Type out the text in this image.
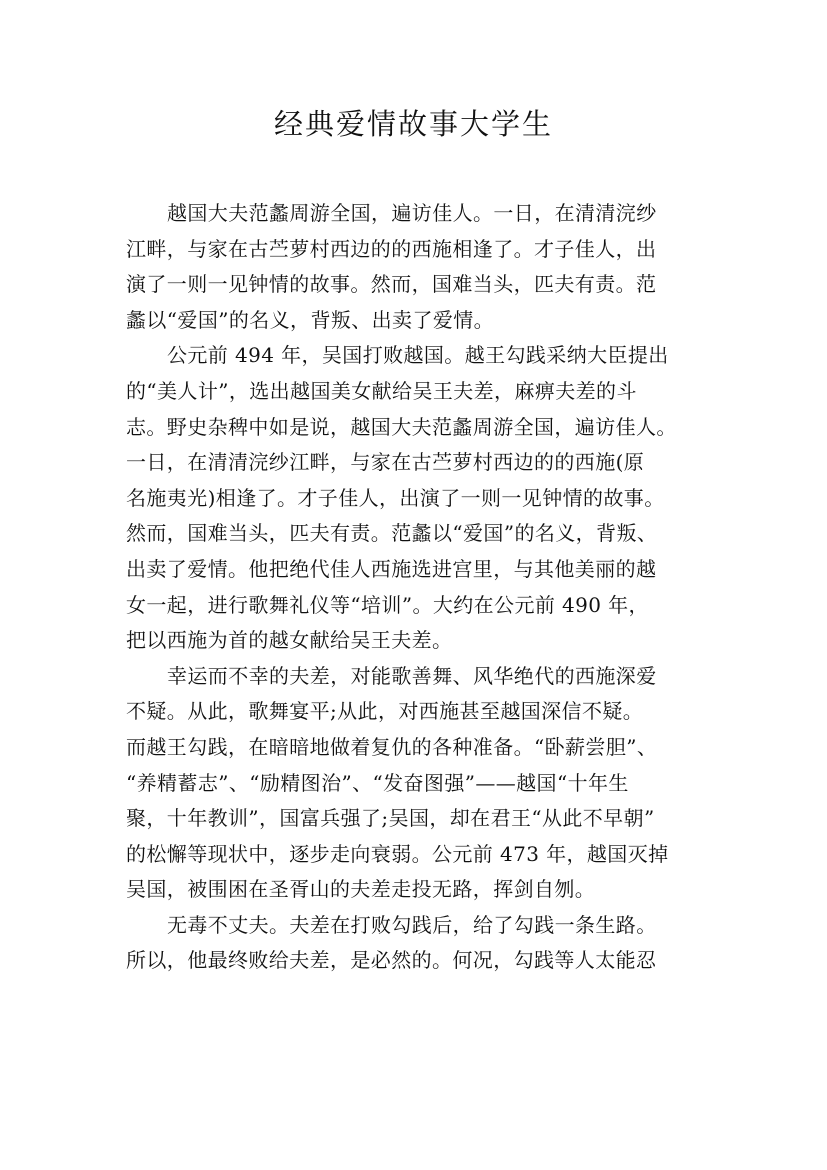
经典爱情故事大学生
越国大夫范蠡周游全国，遍访佳人。一日，在清清浣纱
江畔，与家在古苎萝村西边的的西施相逢了。才子佳人，出
演了一则一见钟情的故事。然而，国难当头，匹夫有责。范
蠡以“爱国”的名义，背叛、出卖了爱情。
公元前 494 年，吴国打败越国。越王勾践采纳大臣提出
的“美人计”，选出越国美女献给吴王夫差，麻痹夫差的斗
志。野史杂稗中如是说，越国大夫范蠡周游全国，遍访佳人。
一日，在清清浣纱江畔，与家在古苎萝村西边的的西施(原
名施夷光)相逢了。才子佳人，出演了一则一见钟情的故事。
然而，国难当头，匹夫有责。范蠡以“爱国”的名义，背叛、
出卖了爱情。他把绝代佳人西施选进宫里，与其他美丽的越
女一起，进行歌舞礼仪等“培训”。大约在公元前 490 年，
把以西施为首的越女献给吴王夫差。
幸运而不幸的夫差，对能歌善舞、风华绝代的西施深爱
不疑。从此，歌舞宴平;从此，对西施甚至越国深信不疑。
而越王勾践，在暗暗地做着复仇的各种准备。“卧薪尝胆”、
“养精蓄志”、“励精图治”、“发奋图强”——越国“十年生
聚，十年教训”，国富兵强了;吴国，却在君王“从此不早朝”
的松懈等现状中，逐步走向衰弱。公元前 473 年，越国灭掉
吴国，被围困在圣胥山的夫差走投无路，挥剑自刎。
无毒不丈夫。夫差在打败勾践后，给了勾践一条生路。
所以，他最终败给夫差，是必然的。何况，勾践等人太能忍
